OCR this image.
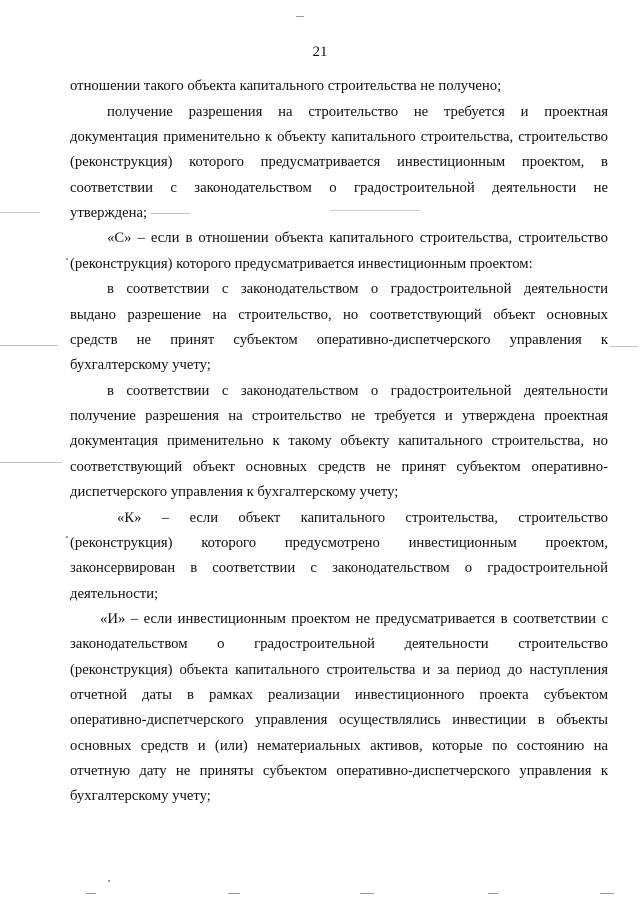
21
отношении такого объекта капитального строительства не получено;
получение разрешения на строительство не требуется и проектная
документация применительно к объекту капитального строительства, строительство
(реконструкция) которого предусматривается инвестиционным проектом, в
соответствии с законодательством о градостроительной деятельности не
утверждена;
«С» – если в отношении объекта капитального строительства, строительство
(реконструкция) которого предусматривается инвестиционным проектом:
в соответствии с законодательством о градостроительной деятельности
выдано разрешение на строительство, но соответствующий объект основных
средств не принят субъектом оперативно-диспетчерского управления к
бухгалтерскому учету;
в соответствии с законодательством о градостроительной деятельности
получение разрешения на строительство не требуется и утверждена проектная
документация применительно к такому объекту капитального строительства, но
соответствующий объект основных средств не принят субъектом оперативно-
диспетчерского управления к бухгалтерскому учету;
«К» – если объект капитального строительства, строительство
(реконструкция) которого предусмотрено инвестиционным проектом,
законсервирован в соответствии с законодательством о градостроительной
деятельности;
«И» – если инвестиционным проектом не предусматривается в соответствии с
законодательством о градостроительной деятельности строительство
(реконструкция) объекта капитального строительства и за период до наступления
отчетной даты в рамках реализации инвестиционного проекта субъектом
оперативно-диспетчерского управления осуществлялись инвестиции в объекты
основных средств и (или) нематериальных активов, которые по состоянию на
отчетную дату не приняты субъектом оперативно-диспетчерского управления к
бухгалтерскому учету;
